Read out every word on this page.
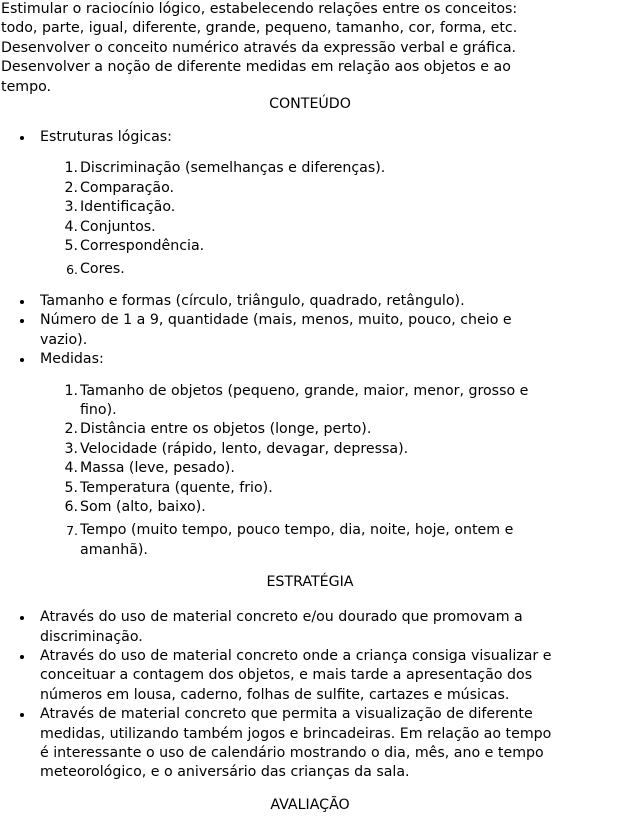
Estimular o raciocínio lógico, estabelecendo relações entre os conceitos:
todo, parte, igual, diferente, grande, pequeno, tamanho, cor, forma, etc.
Desenvolver o conceito numérico através da expressão verbal e gráfica.
Desenvolver a noção de diferente medidas em relação aos objetos e ao
tempo.
CONTEÚDO
Estruturas lógicas:
1. Discriminação (semelhanças e diferenças).
2. Comparação.
3. Identificação.
4. Conjuntos.
5. Correspondência.
6. Cores.
Tamanho e formas (círculo, triângulo, quadrado, retângulo).
Número de 1 a 9, quantidade (mais, menos, muito, pouco, cheio e
vazio).
Medidas:
1. Tamanho de objetos (pequeno, grande, maior, menor, grosso e
fino).
2. Distância entre os objetos (longe, perto).
3. Velocidade (rápido, lento, devagar, depressa).
4. Massa (leve, pesado).
5. Temperatura (quente, frio).
6. Som (alto, baixo).
7. Tempo (muito tempo, pouco tempo, dia, noite, hoje, ontem e
amanhã).
ESTRATÉGIA
Através do uso de material concreto e/ou dourado que promovam a
discriminação.
Através do uso de material concreto onde a criança consiga visualizar e
conceituar a contagem dos objetos, e mais tarde a apresentação dos
números em lousa, caderno, folhas de sulfite, cartazes e músicas.
Através de material concreto que permita a visualização de diferente
medidas, utilizando também jogos e brincadeiras. Em relação ao tempo
é interessante o uso de calendário mostrando o dia, mês, ano e tempo
meteorológico, e o aniversário das crianças da sala.
AVALIAÇÃO
